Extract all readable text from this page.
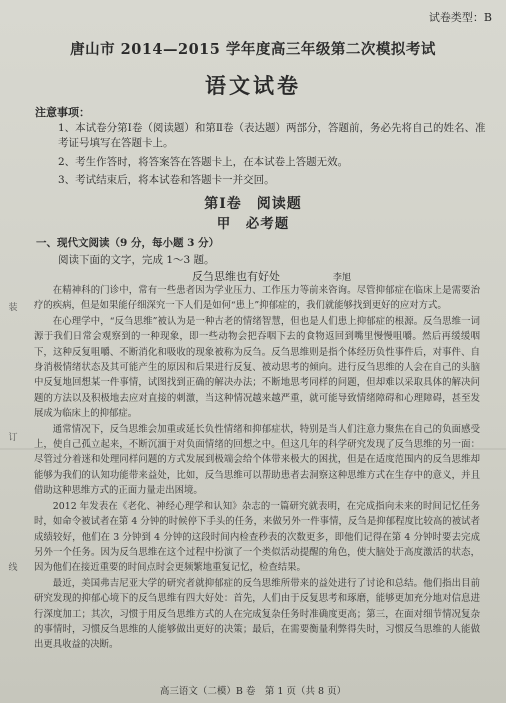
试卷类型：B
唐山市 2014—2015 学年度高三年级第二次模拟考试
语文试卷
注意事项：
1、本试卷分第Ⅰ卷（阅读题）和第Ⅱ卷（表达题）两部分，答题前，务必先将自己的姓名、准考证号填写在答题卡上。
2、考生作答时，将答案答在答题卡上，在本试卷上答题无效。
3、考试结束后，将本试卷和答题卡一并交回。
第Ⅰ卷　阅读题
甲　必考题
一、现代文阅读（9 分，每小题 3 分）
阅读下面的文字，完成 1～3 题。
反刍思维也有好处	李旭

在精神科的门诊中，常有一些患者因为学业压力、工作压力等前来咨询。尽管抑郁症在临床上是需要治疗的疾病，但是如果能仔细深究一下人们是如何“患上”抑郁症的，我们就能够找到更好的应对方式。

在心理学中，“反刍思维”被认为是一种古老的情绪智慧，但也是人们患上抑郁症的根源。反刍思维一词源于我们日常会观察到的一种现象，即一些动物会把吞咽下去的食物返回到嘴里慢慢咀嚼。然后再缓缓咽下，这种反复咀嚼、不断消化和吸收的现象被称为反刍。反刍思维则是指个体经历负性事件后，对事件、自身消极情绪状态及其可能产生的原因和后果进行反复、被动思考的倾向。进行反刍思维的人会在自己的头脑中反复地回想某一件事情，试图找到正确的解决办法；不断地思考同样的问题，但却难以采取具体的解决问题的方法以及积极地去应对直接的刺激，当这种情况越来越严重，就可能导致情绪障碍和心理障碍，甚至发展成为临床上的抑郁症。

通常情况下，反刍思维会加重或延长负性情绪和抑郁症状，特别是当人们注意力聚焦在自己的负面感受上，使自己孤立起来，不断沉湎于对负面情绪的回想之中。但这几年的科学研究发现了反刍思维的另一面：尽管过分着迷和处理同样问题的方式发展到极端会给个体带来极大的困扰，但是在适度范围内的反刍思维却能够为我们的认知功能带来益处，比如，反刍思维可以帮助患者去洞察这种思维方式在生存中的意义，并且借助这种思维方式的正面力量走出困境。

2012 年发表在《老化、神经心理学和认知》杂志的一篇研究就表明，在完成指向未来的时间记忆任务时，如命令被试者在第 4 分钟的时候停下手头的任务，来做另外一件事情，反刍是抑郁程度比较高的被试者成绩较好，他们在 3 分钟到 4 分钟的这段时间内检查秒表的次数更多，即他们记得在第 4 分钟时要去完成另外一个任务。因为反刍思维在这个过程中扮演了一个类似活动提醒的角色，使大脑处于高度激活的状态，因为他们在接近重要的时间点时会更频繁地重复记忆，检查结果。

最近，美国弗吉尼亚大学的研究者就抑郁症的反刍思维所带来的益处进行了讨论和总结。他们指出目前研究发现的抑郁心境下的反刍思维有四大好处：首先，人们由于反复思考和琢磨，能够更加充分地对信息进行深度加工；其次，习惯于用反刍思维方式的人在完成复杂任务时准确度更高；第三，在面对细节情况复杂的事情时，习惯反刍思维的人能够做出更好的决策；最后，在需要衡量利弊得失时，习惯反刍思维的人能做出更具收益的决断。

装
订
线
高三语文（二模）B 卷　第 1 页（共 8 页）
